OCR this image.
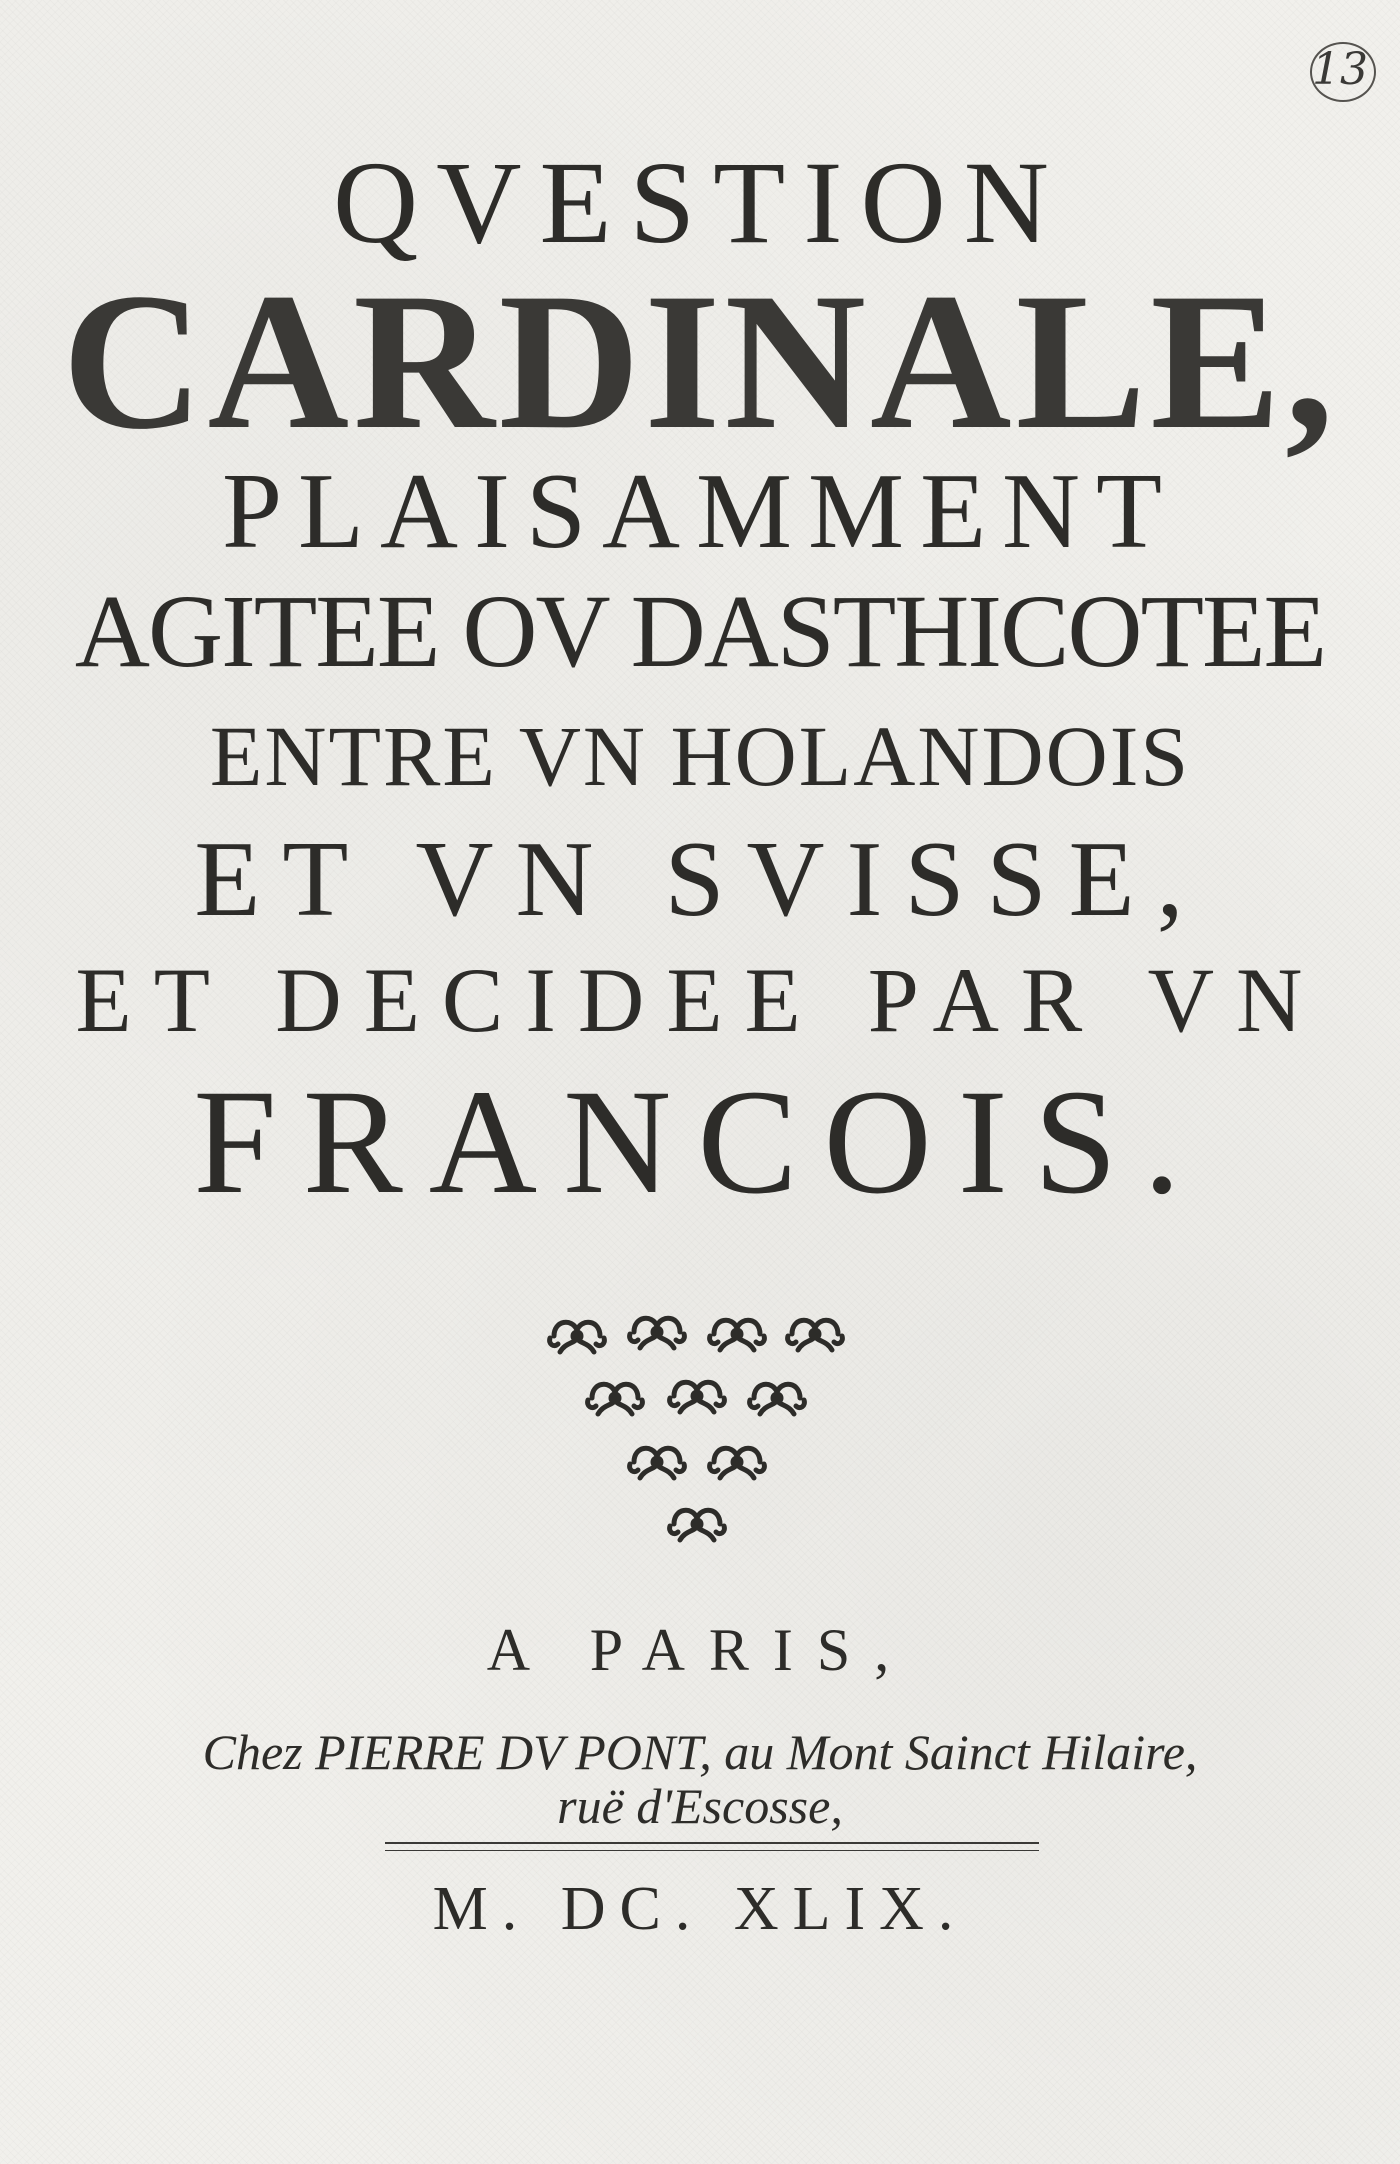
13
QVESTION
CARDINALE,
PLAISAMMENT
AGITEE OV DASTHICOTEE
ENTRE VN HOLANDOIS
ET VN SVISSE,
ET DECIDEE PAR VN
FRANCOIS.
A PARIS,
Chez PIERRE DV PONT, au Mont Sainct Hilaire,
ruë d'Escosse,
M. DC. XLIX.
